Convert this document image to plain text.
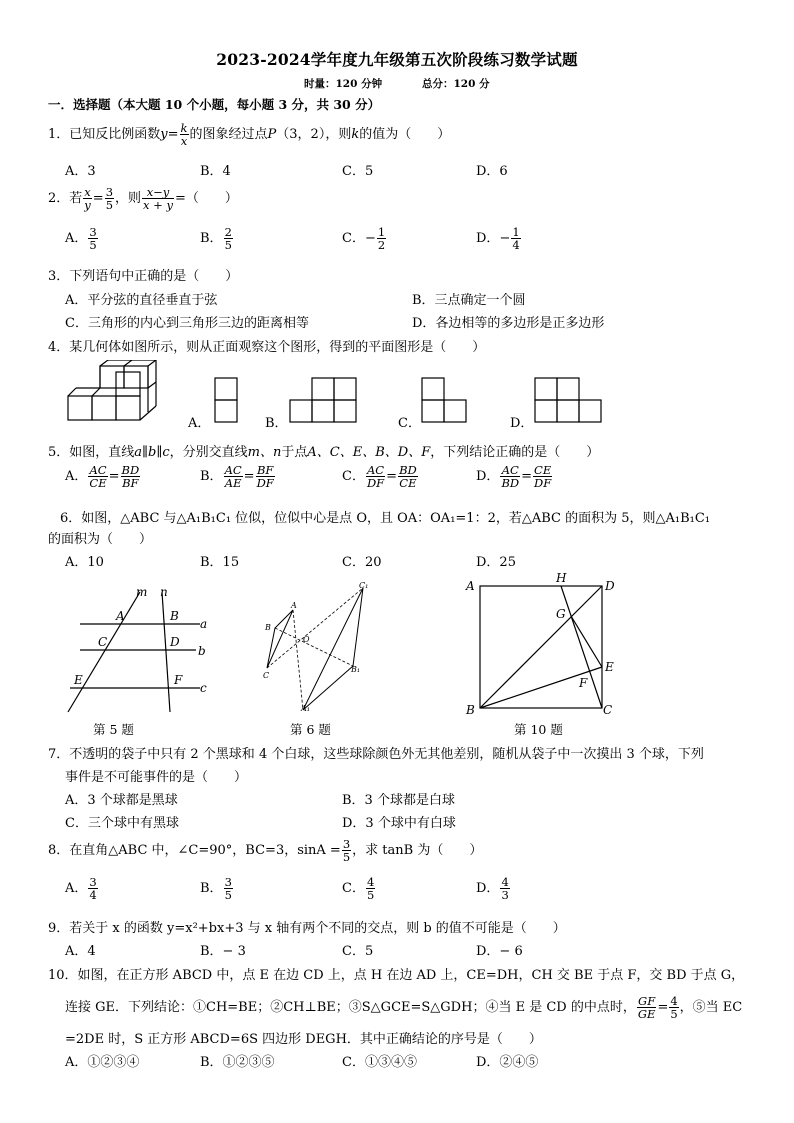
2023-2024学年度九年级第五次阶段练习数学试题
时量：120 分钟	总分：120 分
一．选择题（本大题 10 个小题，每小题 3 分，共 30 分）
1．已知反比例函数$y= \frac{k}{x}$ 的图象经过点P（3，2），则k的值为（　　）
A．3	B．4	C．5	D．6
2．若 $\frac{x}{y} = \frac{3}{5}$ ，则 $\frac{x-y}{x + y}$ =（　　）
A． $\frac{3}{5}$	B． $\frac{2}{5}$	C．− $\frac{1}{2}$	D．− $\frac{1}{4}$
3．下列语句中正确的是（　　）
A．平分弦的直径垂直于弦	B．三点确定一个圆
C．三角形的内心到三角形三边的距离相等	D．各边相等的多边形是正多边形
4．某几何体如图所示，则从正面观察这个图形，得到的平面图形是（　　）
A．	B．	C．	D．
5．如图，直线a∥b∥c，分别交直线m、n于点A、C、E、B、D、F，下列结论正确的是（　　）
A． $\frac{AC}{CE} = \frac{BD}{BF}$	B． $\frac{AC}{AE} = \frac{BF}{DF}$	C． $\frac{AC}{DF} = \frac{BD}{CE}$	D． $\frac{AC}{BD} = \frac{CE}{DF}$
6．如图，△ABC 与△A₁B₁C₁ 位似，位似中心是点 O，且 OA：OA₁=1：2，若△ABC 的面积为 5，则△A₁B₁C₁
的面积为（　　）
A．10	B．15	C．20	D．25
m n
A	B
a
C	D
b
E	F
c
A
B
C
O
C₁
B₁
A₁
A
H
D
G
E
F
B	C
第 5 题	第 6 题	第 10 题
7．不透明的袋子中只有 2 个黑球和 4 个白球，这些球除颜色外无其他差别，随机从袋子中一次摸出 3 个球，下列
事件是不可能事件的是（　　）
A．3 个球都是黑球	B．3 个球都是白球
C．三个球中有黑球	D．3 个球中有白球
8．在直角△ABC 中，∠C=90°，BC=3，$\sin A = \frac{3}{5}$ ，求 tanB 为（　　）
A． $\frac{3}{4}$	B． $\frac{3}{5}$	C． $\frac{4}{5}$	D． $\frac{4}{3}$
9．若关于 x 的函数 y=x²+bx+3 与 x 轴有两个不同的交点，则 b 的值不可能是（　　）
A．4	B．− 3	C．5	D．− 6
10．如图，在正方形 ABCD 中，点 E 在边 CD 上，点 H 在边 AD 上，CE=DH，CH 交 BE 于点 F，交 BD 于点 G，
连接 GE．下列结论：①CH=BE；②CH⊥BE；③S△GCE=S△GDH；④当 E 是 CD 的中点时， $\frac{GF}{GE} = \frac{4}{5}$ ，⑤当 EC
=2DE 时，S 正方形 ABCD=6S 四边形 DEGH．其中正确结论的序号是（　　）
A．①②③④	B．①②③⑤	C．①③④⑤	D．②④⑤
